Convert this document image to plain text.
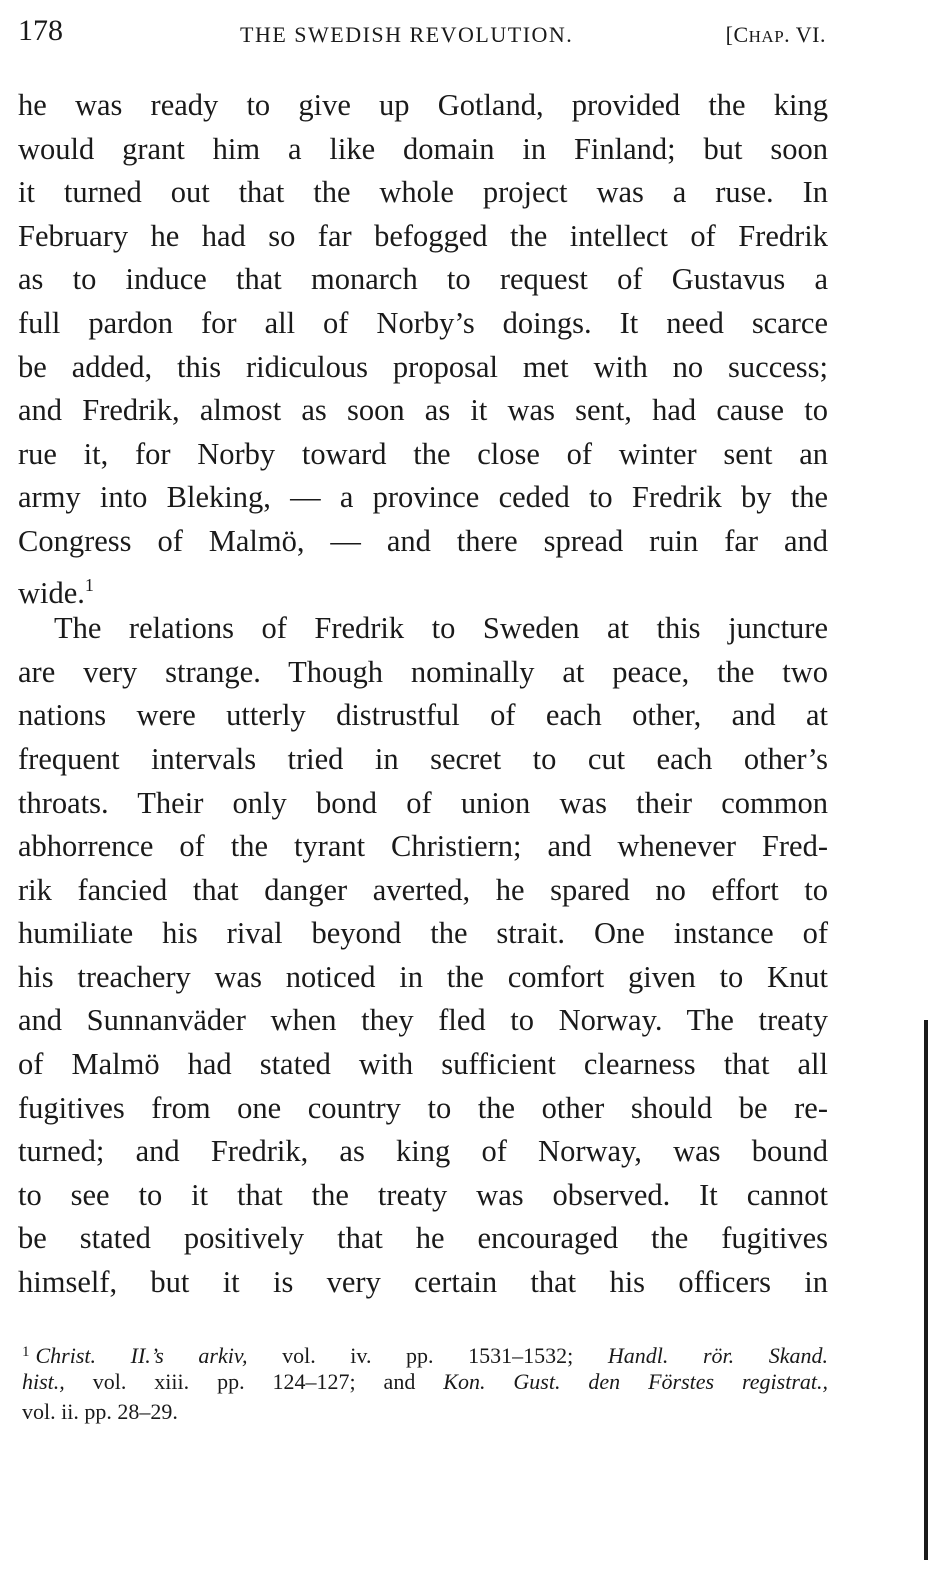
178	THE SWEDISH REVOLUTION.	[CHAP. VI.
he was ready to give up Gotland, provided the king
would grant him a like domain in Finland; but soon
it turned out that the whole project was a ruse. In
February he had so far befogged the intellect of Fredrik
as to induce that monarch to request of Gustavus a
full pardon for all of Norby’s doings. It need scarce
be added, this ridiculous proposal met with no success;
and Fredrik, almost as soon as it was sent, had cause to
rue it, for Norby toward the close of winter sent an
army into Bleking, — a province ceded to Fredrik by the
Congress of Malmö, — and there spread ruin far and
wide.$^1$
The relations of Fredrik to Sweden at this juncture
are very strange. Though nominally at peace, the two
nations were utterly distrustful of each other, and at
frequent intervals tried in secret to cut each other’s
throats. Their only bond of union was their common
abhorrence of the tyrant Christiern; and whenever Fred-
rik fancied that danger averted, he spared no effort to
humiliate his rival beyond the strait. One instance of
his treachery was noticed in the comfort given to Knut
and Sunnanväder when they fled to Norway. The treaty
of Malmö had stated with sufficient clearness that all
fugitives from one country to the other should be re-
turned; and Fredrik, as king of Norway, was bound
to see to it that the treaty was observed. It cannot
be stated positively that he encouraged the fugitives
himself, but it is very certain that his officers in
$^1$ Christ. II.’s arkiv, vol. iv. pp. 1531–1532; Handl. rör. Skand.
hist., vol. xiii. pp. 124–127; and Kon. Gust. den Förstes registrat.,
vol. ii. pp. 28–29.
